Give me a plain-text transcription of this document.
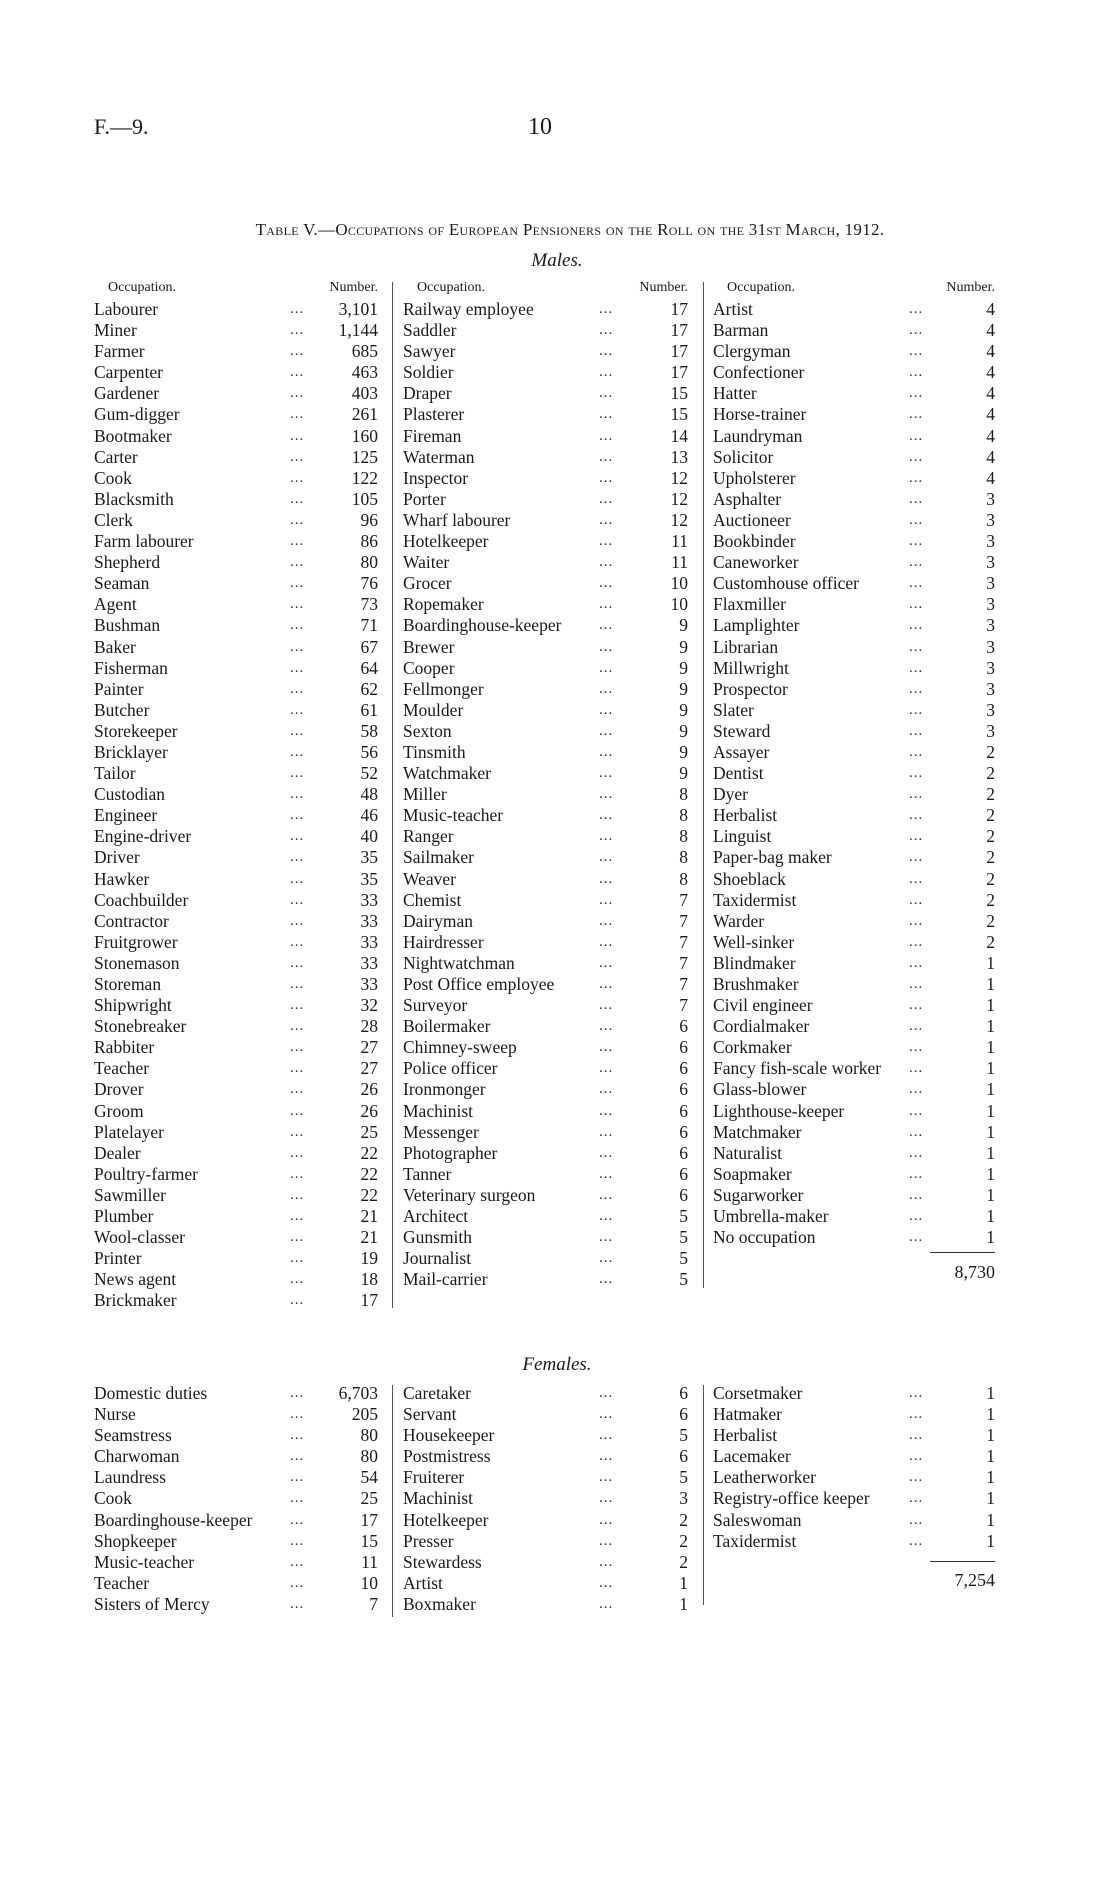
F.—9.	10
Table V.—Occupations of European Pensioners on the Roll on the 31st March, 1912.
Males.
Occupation.	Number.
Labourer	... 3,101
Miner	... 1,144
Farmer	...	685
Carpenter	...	463
Gardener	...	403
Gum-digger	...	261
Bootmaker	...	160
Carter	...	125
Cook	...	122
Blacksmith	...	105
Clerk	...	96
Farm labourer	...	86
Shepherd	...	80
Seaman	...	76
Agent	...	73
Bushman	...	71
Baker	...	67
Fisherman	...	64
Painter	...	62
Butcher	...	61
Storekeeper	...	58
Bricklayer	...	56
Tailor	...	52
Custodian	...	48
Engineer	...	46
Engine-driver	...	40
Driver	...	35
Hawker	...	35
Coachbuilder	...	33
Contractor	...	33
Fruitgrower	...	33
Stonemason	...	33
Storeman	...	33
Shipwright	...	32
Stonebreaker	...	28
Rabbiter	...	27
Teacher	...	27
Drover	...	26
Groom	...	26
Platelayer	...	25
Dealer	...	22
Poultry-farmer	...	22
Sawmiller	...	22
Plumber	...	21
Wool-classer	...	21
Printer	...	19
News agent	...	18
Brickmaker	...	17
Occupation.	Number.
Railway employee	...	17
Saddler	...	17
Sawyer	...	17
Soldier	...	17
Draper	...	15
Plasterer	...	15
Fireman	...	14
Waterman	...	13
Inspector	...	12
Porter	...	12
Wharf labourer	...	12
Hotelkeeper	...	11
Waiter	...	11
Grocer	...	10
Ropemaker	...	10
Boardinghouse-keeper	...	9
Brewer	...	9
Cooper	...	9
Fellmonger	...	9
Moulder	...	9
Sexton	...	9
Tinsmith	...	9
Watchmaker	...	9
Miller	...	8
Music-teacher	...	8
Ranger	...	8
Sailmaker	...	8
Weaver	...	8
Chemist	...	7
Dairyman	...	7
Hairdresser	...	7
Nightwatchman	...	7
Post Office employee	...	7
Surveyor	...	7
Boilermaker	...	6
Chimney-sweep	...	6
Police officer	...	6
Ironmonger	...	6
Machinist	...	6
Messenger	...	6
Photographer	...	6
Tanner	...	6
Veterinary surgeon	...	6
Architect	...	5
Gunsmith	...	5
Journalist	...	5
Mail-carrier	...	5
Occupation.	Number.
Artist	...	4
Barman	...	4
Clergyman	...	4
Confectioner	...	4
Hatter	...	4
Horse-trainer	...	4
Laundryman	...	4
Solicitor	...	4
Upholsterer	...	4
Asphalter	...	3
Auctioneer	...	3
Bookbinder	...	3
Caneworker	...	3
Customhouse officer	...	3
Flaxmiller	...	3
Lamplighter	...	3
Librarian	...	3
Millwright	...	3
Prospector	...	3
Slater	...	3
Steward	...	3
Assayer	...	2
Dentist	...	2
Dyer	...	2
Herbalist	...	2
Linguist	...	2
Paper-bag maker	...	2
Shoeblack	...	2
Taxidermist	...	2
Warder	...	2
Well-sinker	...	2
Blindmaker	...	1
Brushmaker	...	1
Civil engineer	...	1
Cordialmaker	...	1
Corkmaker	...	1
Fancy fish-scale worker ...	1
Glass-blower	...	1
Lighthouse-keeper	...	1
Matchmaker	...	1
Naturalist	...	1
Soapmaker	...	1
Sugarworker	...	1
Umbrella-maker	...	1
No occupation	...	1
8,730
Females.
Domestic duties	... 6,703
Nurse	...	205
Seamstress	...	80
Charwoman	...	80
Laundress	...	54
Cook	...	25
Boardinghouse-keeper	...	17
Shopkeeper	...	15
Music-teacher	...	11
Teacher	...	10
Sisters of Mercy	...	7
Caretaker	...	6
Servant	...	6
Housekeeper	...	5
Postmistress	...	6
Fruiterer	...	5
Machinist	...	3
Hotelkeeper	...	2
Presser	...	2
Stewardess	...	2
Artist	...	1
Boxmaker	...	1
Corsetmaker	...	1
Hatmaker	...	1
Herbalist	...	1
Lacemaker	...	1
Leatherworker	...	1
Registry-office keeper	...	1
Saleswoman	...	1
Taxidermist	...	1
7,254
